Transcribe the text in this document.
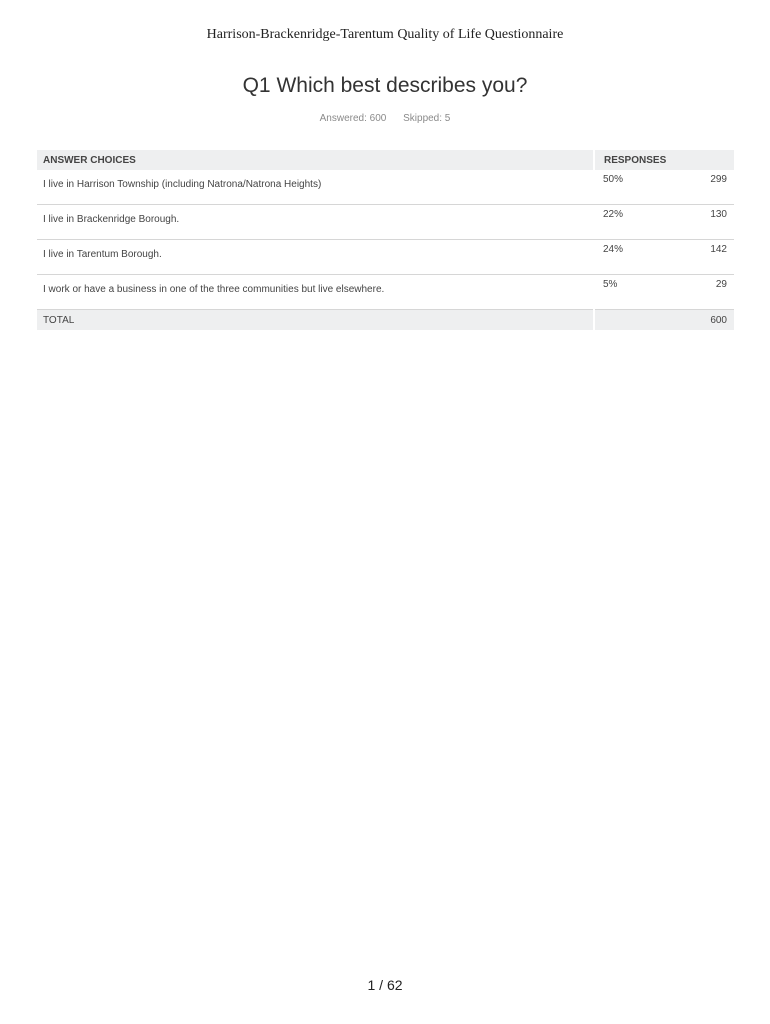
Harrison-Brackenridge-Tarentum Quality of Life Questionnaire
Q1 Which best describes you?
Answered: 600 Skipped: 5
ANSWER CHOICES	RESPONSES	
I live in Harrison Township (including Natrona/Natrona Heights)	50%	299
I live in Brackenridge Borough.	22%	130
I live in Tarentum Borough.	24%	142
I work or have a business in one of the three communities but live elsewhere.	5%	29
TOTAL		600
1 / 62
